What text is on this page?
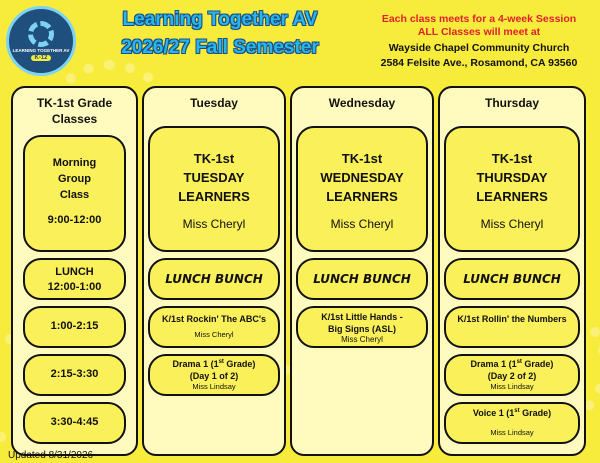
LEARNING TOGETHER AV
K-12
Learning Together AV
2026/27 Fall Semester
Each class meets for a 4-week Session
ALL Classes will meet at
Wayside Chapel Community Church
2584 Felsite Ave., Rosamond, CA 93560
TK-1st Grade
Classes
Morning
Group
Class
9:00-12:00
LUNCH
12:00-1:00
1:00-2:15
2:15-3:30
3:30-4:45
Tuesday
TK-1st
TUESDAY
LEARNERS
Miss Cheryl
LUNCH BUNCH
K/1st Rockin' The ABC's
Miss Cheryl
Drama 1 (1st Grade)
(Day 1 of 2)
Miss Lindsay
Wednesday
TK-1st
WEDNESDAY
LEARNERS
Miss Cheryl
LUNCH BUNCH
K/1st Little Hands -
Big Signs (ASL)
Miss Cheryl
Thursday
TK-1st
THURSDAY
LEARNERS
Miss Cheryl
LUNCH BUNCH
K/1st Rollin' the Numbers
Drama 1 (1st Grade)
(Day 2 of 2)
Miss Lindsay
Voice 1 (1st Grade)
Miss Lindsay
Updated 8/31/2026
